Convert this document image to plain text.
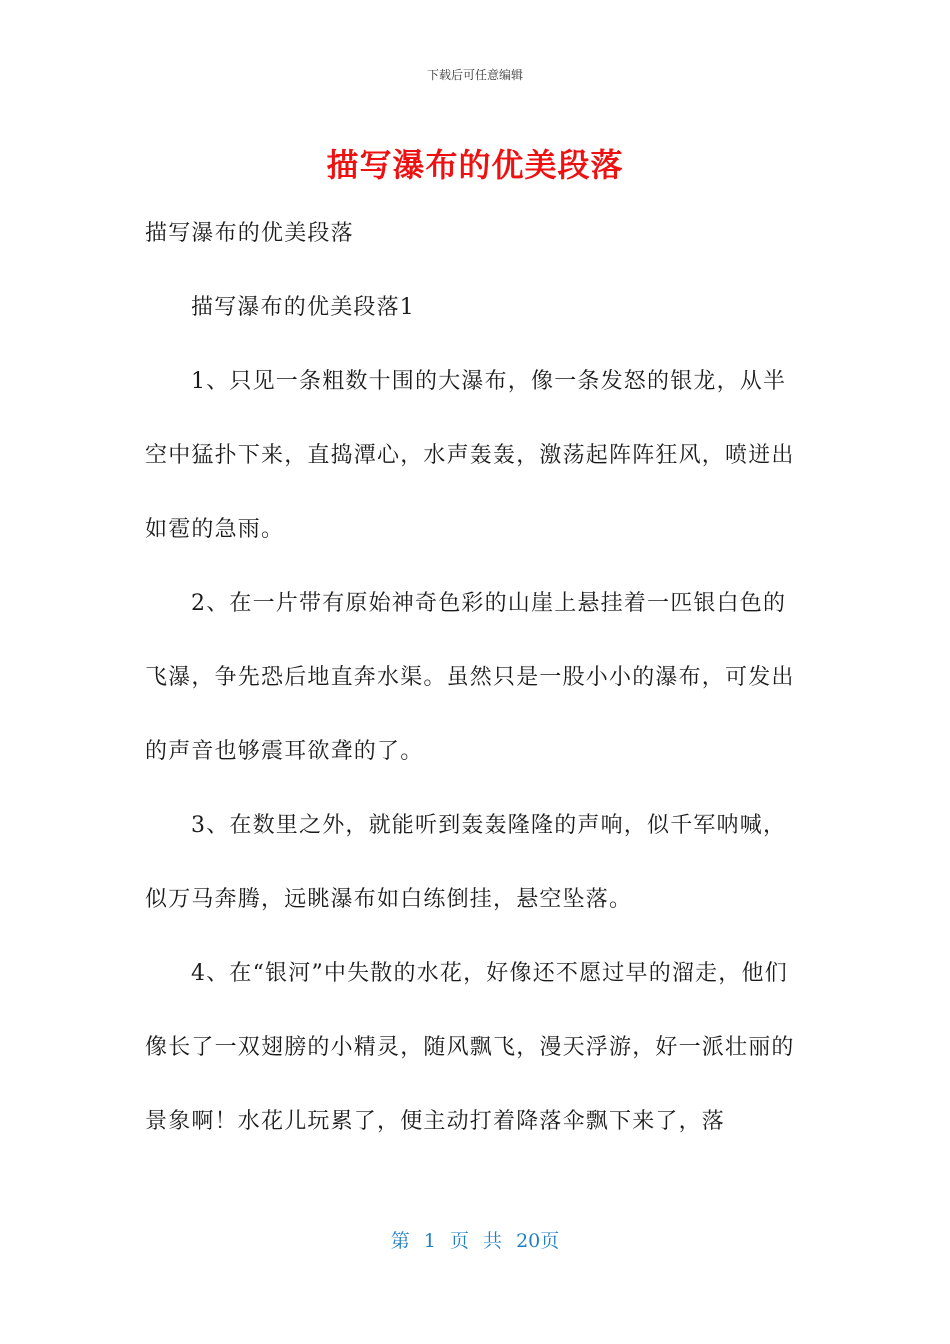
下载后可任意编辑
描写瀑布的优美段落

描写瀑布的优美段落

描写瀑布的优美段落1

1、只见一条粗数十围的大瀑布，像一条发怒的银龙，从半空中猛扑下来，直捣潭心，水声轰轰，激荡起阵阵狂风，喷迸出如雹的急雨。

2、在一片带有原始神奇色彩的山崖上悬挂着一匹银白色的飞瀑，争先恐后地直奔水渠。虽然只是一股小小的瀑布，可发出的声音也够震耳欲聋的了。

3、在数里之外，就能听到轰轰隆隆的声响，似千军呐喊，似万马奔腾，远眺瀑布如白练倒挂，悬空坠落。

4、在“银河”中失散的水花，好像还不愿过早的溜走，他们像长了一双翅膀的小精灵，随风飘飞，漫天浮游，好一派壮丽的景象啊！水花儿玩累了，便主动打着降落伞飘下来了，落

第 1 页 共 20页
